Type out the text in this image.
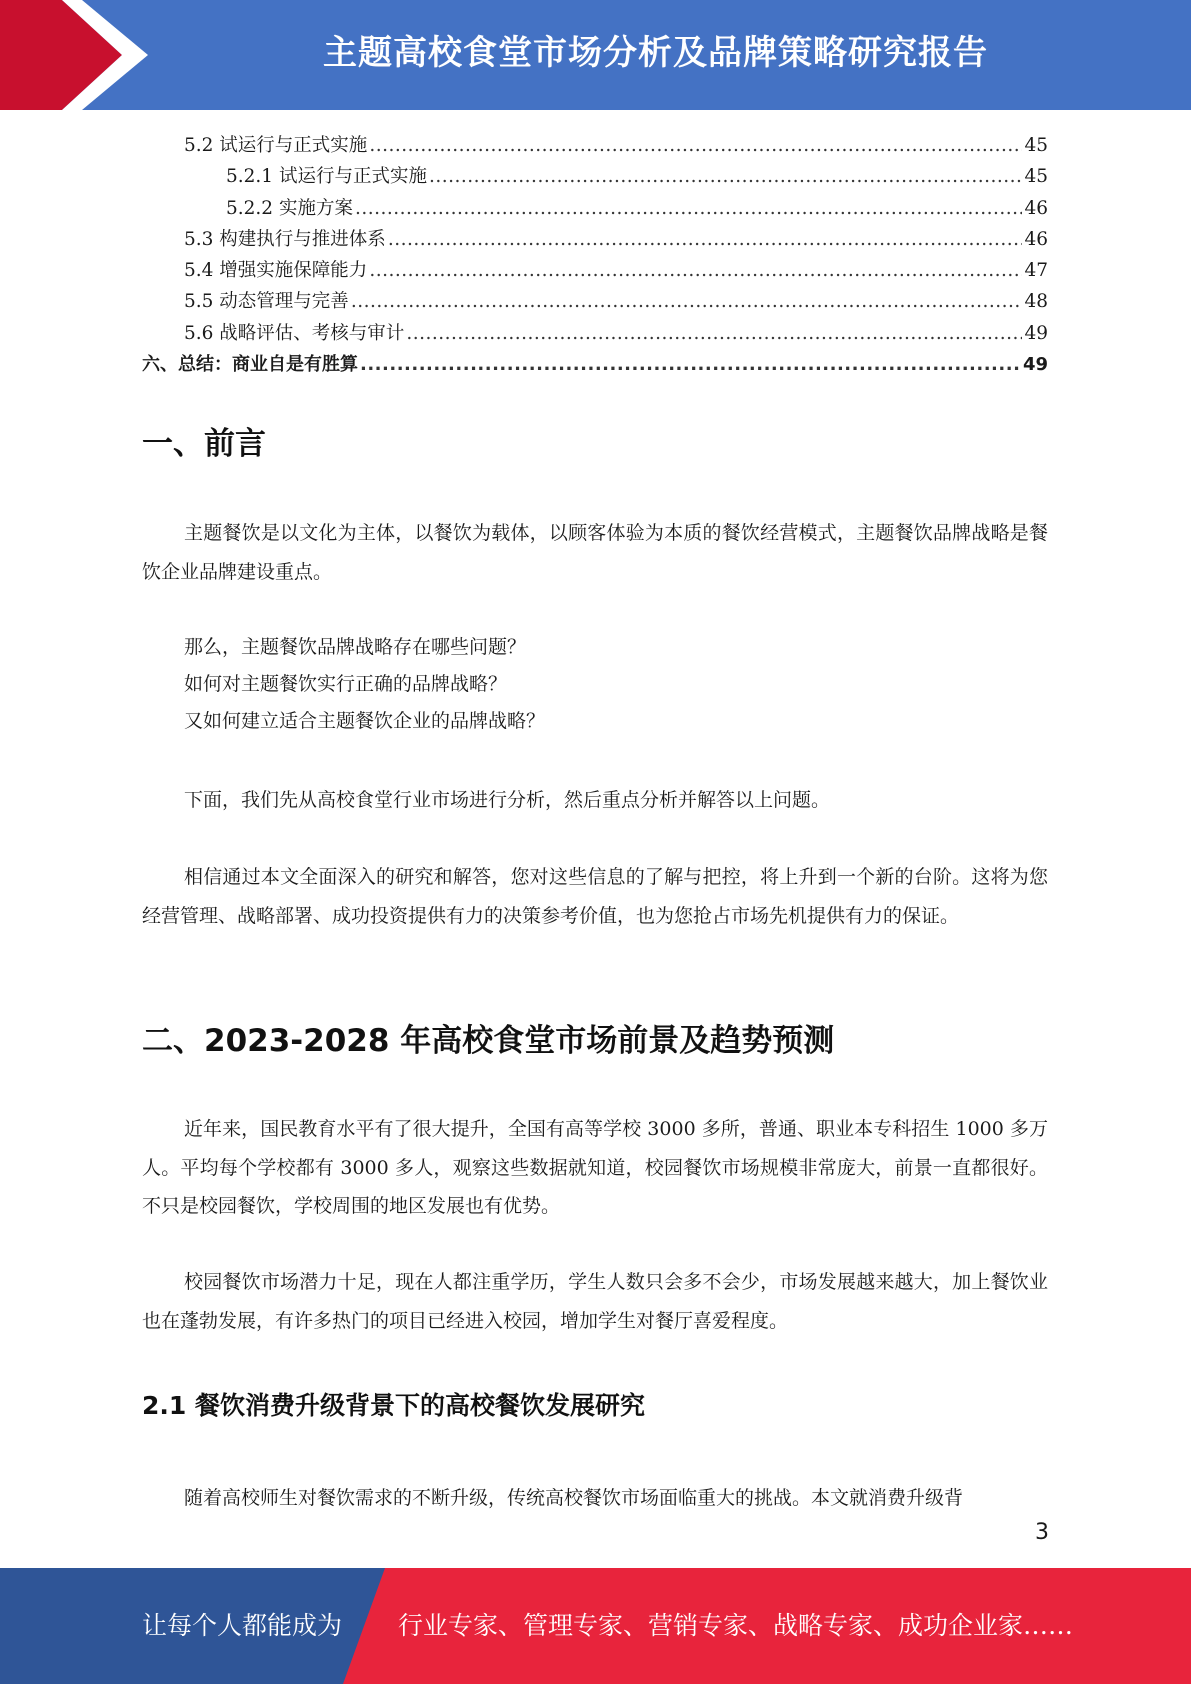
主题高校食堂市场分析及品牌策略研究报告
5.2 试运行与正式实施 .....	45
5.2.1 试运行与正式实施 .....	45
5.2.2 实施方案 .....	46
5.3 构建执行与推进体系 .....	46
5.4 增强实施保障能力 .....	47
5.5 动态管理与完善 .....	48
5.6 战略评估、考核与审计 .....	49
六、总结：商业自是有胜算 .....	49
一、前言
主题餐饮是以文化为主体，以餐饮为载体，以顾客体验为本质的餐饮经营模式，主题餐饮品牌战略是餐饮企业品牌建设重点。
那么，主题餐饮品牌战略存在哪些问题？
如何对主题餐饮实行正确的品牌战略？
又如何建立适合主题餐饮企业的品牌战略？
下面，我们先从高校食堂行业市场进行分析，然后重点分析并解答以上问题。
相信通过本文全面深入的研究和解答，您对这些信息的了解与把控，将上升到一个新的台阶。这将为您经营管理、战略部署、成功投资提供有力的决策参考价值，也为您抢占市场先机提供有力的保证。
二、2023-2028 年高校食堂市场前景及趋势预测
近年来，国民教育水平有了很大提升，全国有高等学校 3000 多所，普通、职业本专科招生 1000 多万人。平均每个学校都有 3000 多人，观察这些数据就知道，校园餐饮市场规模非常庞大，前景一直都很好。不只是校园餐饮，学校周围的地区发展也有优势。
校园餐饮市场潜力十足，现在人都注重学历，学生人数只会多不会少，市场发展越来越大，加上餐饮业也在蓬勃发展，有许多热门的项目已经进入校园，增加学生对餐厅喜爱程度。
2.1 餐饮消费升级背景下的高校餐饮发展研究
随着高校师生对餐饮需求的不断升级，传统高校餐饮市场面临重大的挑战。本文就消费升级背
3
让每个人都能成为 行业专家、管理专家、营销专家、战略专家、成功企业家……
